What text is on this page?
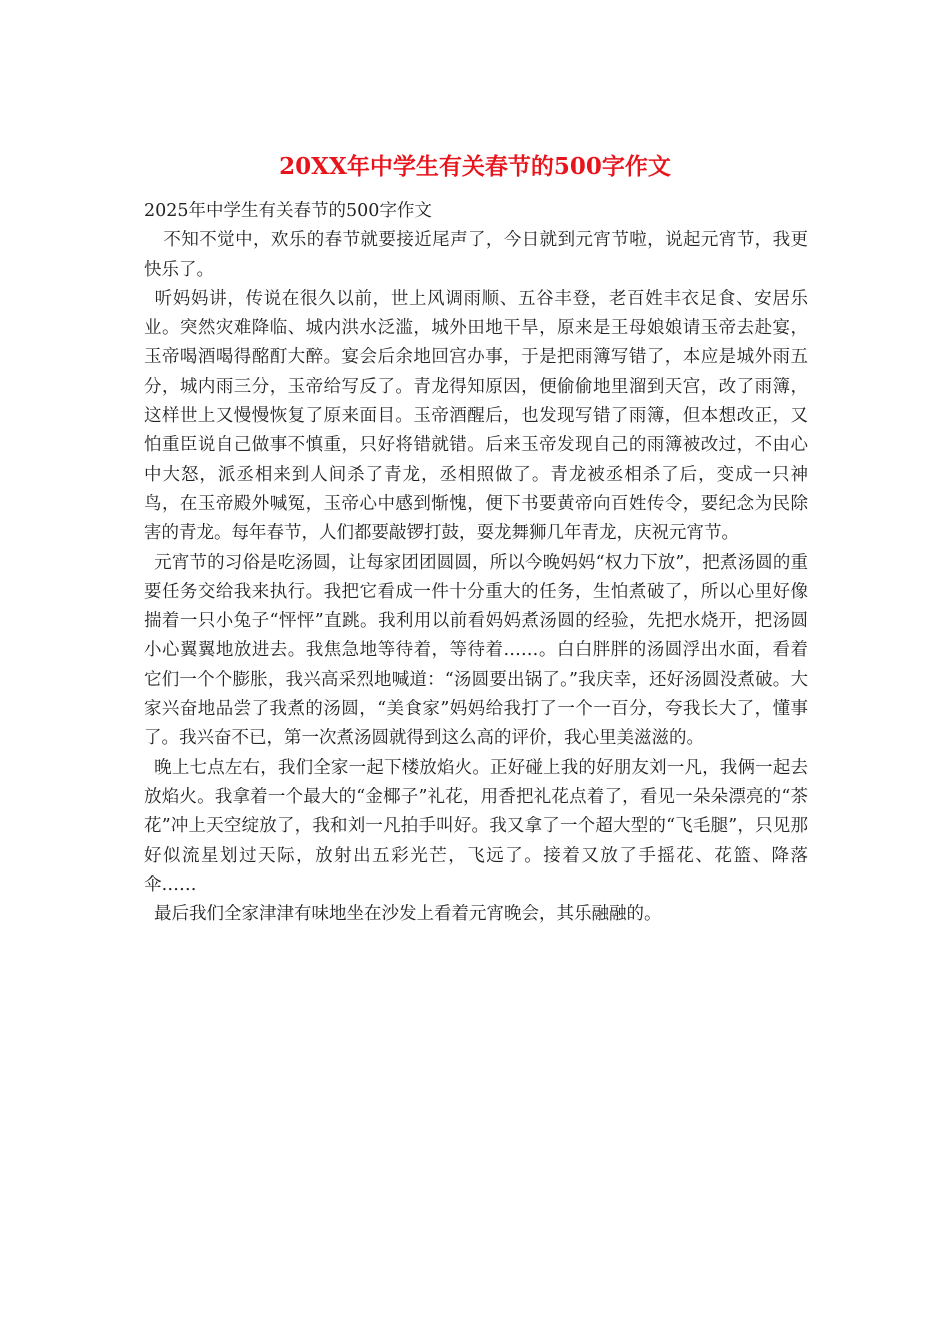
20XX年中学生有关春节的500字作文

2025年中学生有关春节的500字作文

不知不觉中，欢乐的春节就要接近尾声了，今日就到元宵节啦，说起元宵节，我更快乐了。

听妈妈讲，传说在很久以前，世上风调雨顺、五谷丰登，老百姓丰衣足食、安居乐业。突然灾难降临、城内洪水泛滥，城外田地干旱，原来是王母娘娘请玉帝去赴宴，玉帝喝酒喝得酩酊大醉。宴会后余地回宫办事，于是把雨簿写错了，本应是城外雨五分，城内雨三分，玉帝给写反了。青龙得知原因，便偷偷地里溜到天宫，改了雨簿，这样世上又慢慢恢复了原来面目。玉帝酒醒后，也发现写错了雨簿，但本想改正，又怕重臣说自己做事不慎重，只好将错就错。后来玉帝发现自己的雨簿被改过，不由心中大怒，派丞相来到人间杀了青龙，丞相照做了。青龙被丞相杀了后，变成一只神鸟，在玉帝殿外喊冤，玉帝心中感到惭愧，便下书要黄帝向百姓传令，要纪念为民除害的青龙。每年春节，人们都要敲锣打鼓，耍龙舞狮几年青龙，庆祝元宵节。

元宵节的习俗是吃汤圆，让每家团团圆圆，所以今晚妈妈“权力下放”，把煮汤圆的重要任务交给我来执行。我把它看成一件十分重大的任务，生怕煮破了，所以心里好像揣着一只小兔子“怦怦”直跳。我利用以前看妈妈煮汤圆的经验，先把水烧开，把汤圆小心翼翼地放进去。我焦急地等待着，等待着……。白白胖胖的汤圆浮出水面，看着它们一个个膨胀，我兴高采烈地喊道：“汤圆要出锅了。”我庆幸，还好汤圆没煮破。大家兴奋地品尝了我煮的汤圆，“美食家”妈妈给我打了一个一百分，夸我长大了，懂事了。我兴奋不已，第一次煮汤圆就得到这么高的评价，我心里美滋滋的。

晚上七点左右，我们全家一起下楼放焰火。正好碰上我的好朋友刘一凡，我俩一起去放焰火。我拿着一个最大的“金椰子”礼花，用香把礼花点着了，看见一朵朵漂亮的“茶花”冲上天空绽放了，我和刘一凡拍手叫好。我又拿了一个超大型的“飞毛腿”，只见那好似流星划过天际，放射出五彩光芒，飞远了。接着又放了手摇花、花篮、降落伞……

最后我们全家津津有味地坐在沙发上看着元宵晚会，其乐融融的。
